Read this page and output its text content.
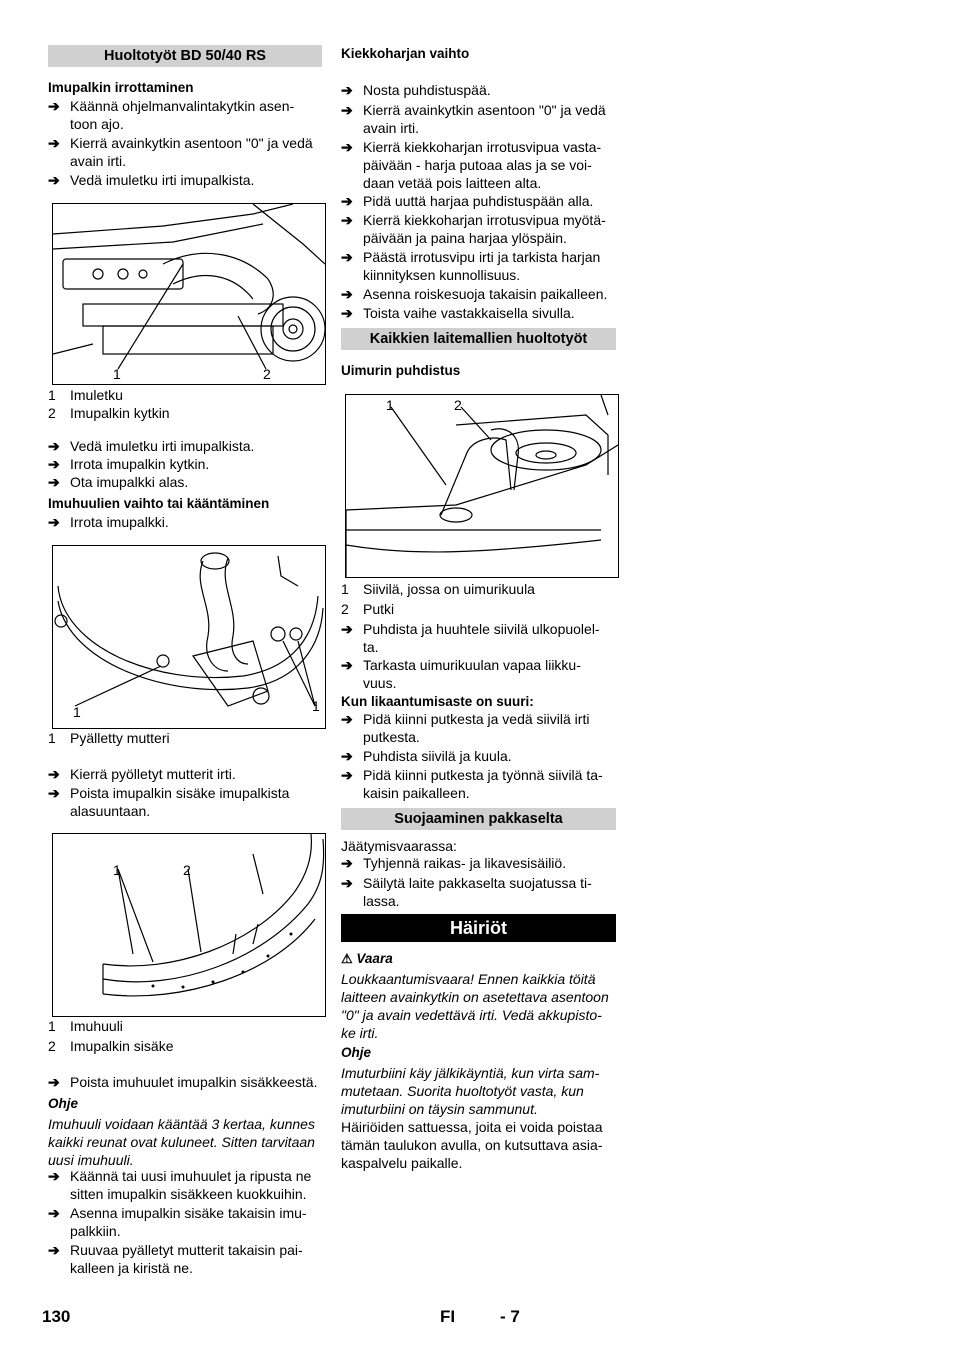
Huoltotyöt BD 50/40 RS
Imupalkin irrottaminen
➔ Käännä ohjelmanvalintakytkin asen-
toon ajo.
➔ Kierrä avainkytkin asentoon "0" ja vedä
avain irti.
➔ Vedä imuletku irti imupalkista.
1	2
1 Imuletku
2 Imupalkin kytkin
➔ Vedä imuletku irti imupalkista.
➔ Irrota imupalkin kytkin.
➔ Ota imupalkki alas.
Imuhuulien vaihto tai kääntäminen
➔ Irrota imupalkki.
1	1
1 Pyälletty mutteri
➔ Kierrä pyölletyt mutterit irti.
➔ Poista imupalkin sisäke imupalkista
alasuuntaan.
1	2
1 Imuhuuli
2 Imupalkin sisäke
➔ Poista imuhuulet imupalkin sisäkkeestä.
Ohje
Imuhuuli voidaan kääntää 3 kertaa, kunnes
kaikki reunat ovat kuluneet. Sitten tarvitaan
uusi imuhuuli.
➔ Käännä tai uusi imuhuulet ja ripusta ne
sitten imupalkin sisäkkeen kuokkuihin.
➔ Asenna imupalkin sisäke takaisin imu-
palkkiin.
➔ Ruuvaa pyälletyt mutterit takaisin pai-
kalleen ja kiristä ne.
Kiekkoharjan vaihto
➔ Nosta puhdistuspää.
➔ Kierrä avainkytkin asentoon "0" ja vedä
avain irti.
➔ Kierrä kiekkoharjan irrotusvipua vasta-
päivään - harja putoaa alas ja se voi-
daan vetää pois laitteen alta.
➔ Pidä uuttä harjaa puhdistuspään alla.
➔ Kierrä kiekkoharjan irrotusvipua myötä-
päivään ja paina harjaa ylöspäin.
➔ Päästä irrotusvipu irti ja tarkista harjan
kiinnityksen kunnollisuus.
➔ Asenna roiskesuoja takaisin paikalleen.
➔ Toista vaihe vastakkaisella sivulla.
Kaikkien laitemallien huoltotyöt
Uimurin puhdistus
1	2
1 Siivilä, jossa on uimurikuula
2 Putki
➔ Puhdista ja huuhtele siivilä ulkopuolel-
ta.
➔ Tarkasta uimurikuulan vapaa liikku-
vuus.
Kun likaantumisaste on suuri:
➔ Pidä kiinni putkesta ja vedä siivilä irti
putkesta.
➔ Puhdista siivilä ja kuula.
➔ Pidä kiinni putkesta ja työnnä siivilä ta-
kaisin paikalleen.
Suojaaminen pakkaselta
Jäätymisvaarassa:
➔ Tyhjennä raikas- ja likavesisäiliö.
➔ Säilytä laite pakkaselta suojatussa ti-
lassa.
Häiriöt
⚠ Vaara
Loukkaantumisvaara! Ennen kaikkia töitä
laitteen avainkytkin on asetettava asentoon
"0" ja avain vedettävä irti. Vedä akkupisto-
ke irti.
Ohje
Imuturbiini käy jälkikäyntiä, kun virta sam-
mutetaan. Suorita huoltotyöt vasta, kun
imuturbiini on täysin sammunut.
Häiriöiden sattuessa, joita ei voida poistaa
tämän taulukon avulla, on kutsuttava asia-
kaspalvelu paikalle.
130	FI	- 7
